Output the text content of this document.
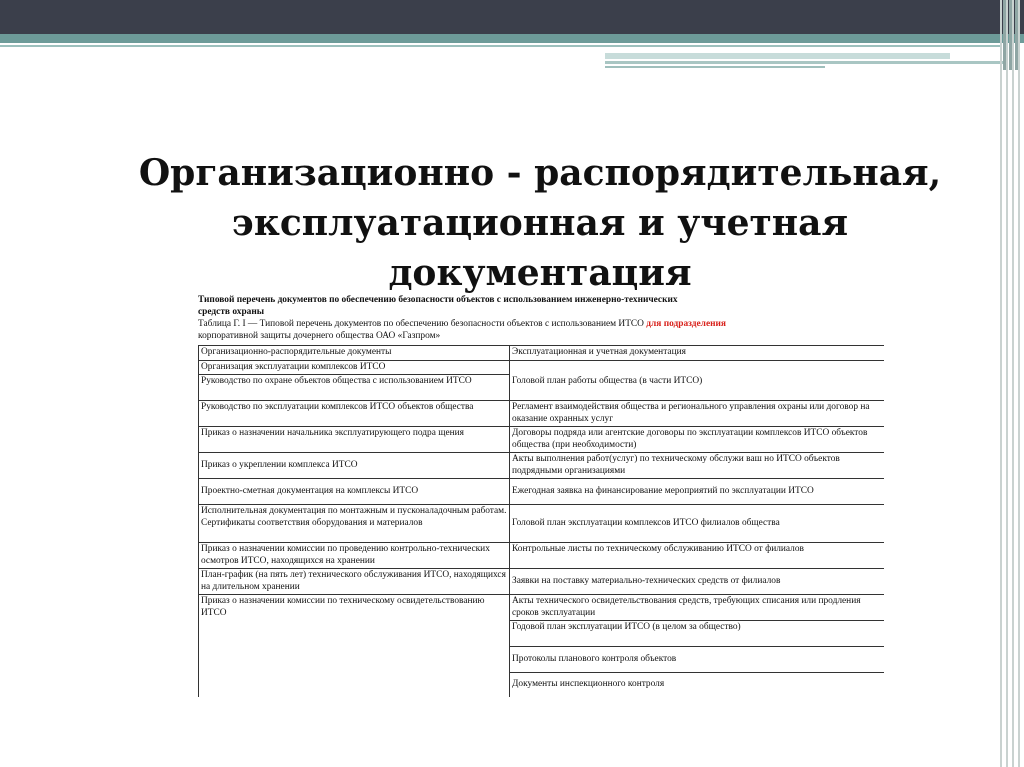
Организационно - распорядительная,
эксплуатационная и учетная
документация
Типовой перечень документов по обеспечению безопасности объектов с использованием инженерно-технических
средств охраны
Таблица Г. I — Типовой перечень документов по обеспечению безопасности объектов с использованием ИТСО для подразделения
корпоративной защиты дочернего общества ОАО «Газпром»
Организационно-распорядительные документы	Эксплуатационная и учетная документация
Организация эксплуатации комплексов ИТСО	
Руководство по охране объектов общества с использованием ИТСО	Головой план работы общества (в части ИТСО)
Руководство по эксплуатации комплексов ИТСО объектов общества	Регламент взаимодействия общества и регионального управления охраны или договор на оказание охранных услуг
Приказ о назначении начальника эксплуатирующего подра щения	Договоры подряда или агентские договоры по эксплуатации комплексов ИТСО объектов общества (при необходимости)
Приказ о укреплении комплекса ИТСО	Акты выполнения работ(услуг) по техническому обслужи ваш но ИТСО объектов подрядными организациями
Проектно-сметная документация на комплексы ИТСО	Ежегодная заявка на финансирование мероприятий по эксплуатации ИТСО
Исполнительная документация по монтажным и пусконаладочным работам. Сертификаты соответствия оборудования и материалов	Головой план эксплуатации комплексов ИТСО филиалов общества
Приказ о назначении комиссии по проведению контрольно-технических осмотров ИТСО, находящихся на хранении	Контрольные листы по техническому обслуживанию ИТСО от филиалов
План-график (на пять лет) технического обслуживания ИТСО, находящихся на длительном хранении	Заявки на поставку материально-технических средств от филиалов
Приказ о назначении комиссии по техническому освидетельствованию ИТСО	Акты технического освидетельствования средств, требующих списания или продления сроков эксплуатации
	Годовой план эксплуатации ИТСО (в целом за общество)
	Протоколы планового контроля объектов
	Документы инспекционного контроля
